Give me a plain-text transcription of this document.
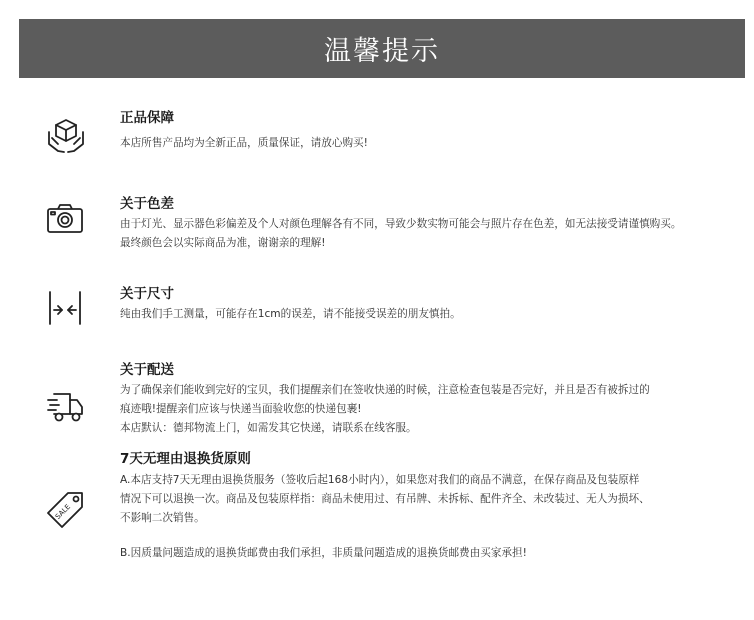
温馨提示
正品保障
本店所售产品均为全新正品，质量保证，请放心购买!
关于色差
由于灯光、显示器色彩偏差及个人对颜色理解各有不同，导致少数实物可能会与照片存在色差，如无法接受请谨慎购买。
最终颜色会以实际商品为准，谢谢亲的理解!
关于尺寸
纯由我们手工测量，可能存在1cm的误差，请不能接受误差的朋友慎拍。
关于配送
为了确保亲们能收到完好的宝贝，我们提醒亲们在签收快递的时候，注意检查包装是否完好，并且是否有被拆过的
痕迹哦!提醒亲们应该与快递当面验收您的快递包裹!
本店默认：德邦物流上门，如需发其它快递，请联系在线客服。
SALE
7天无理由退换货原则
A.本店支持7天无理由退换货服务（签收后起168小时内），如果您对我们的商品不满意，在保存商品及包装原样
情况下可以退换一次。商品及包装原样指：商品未使用过、有吊牌、未拆标、配件齐全、未改装过、无人为损坏、
不影响二次销售。
B.因质量问题造成的退换货邮费由我们承担，非质量问题造成的退换货邮费由买家承担!
